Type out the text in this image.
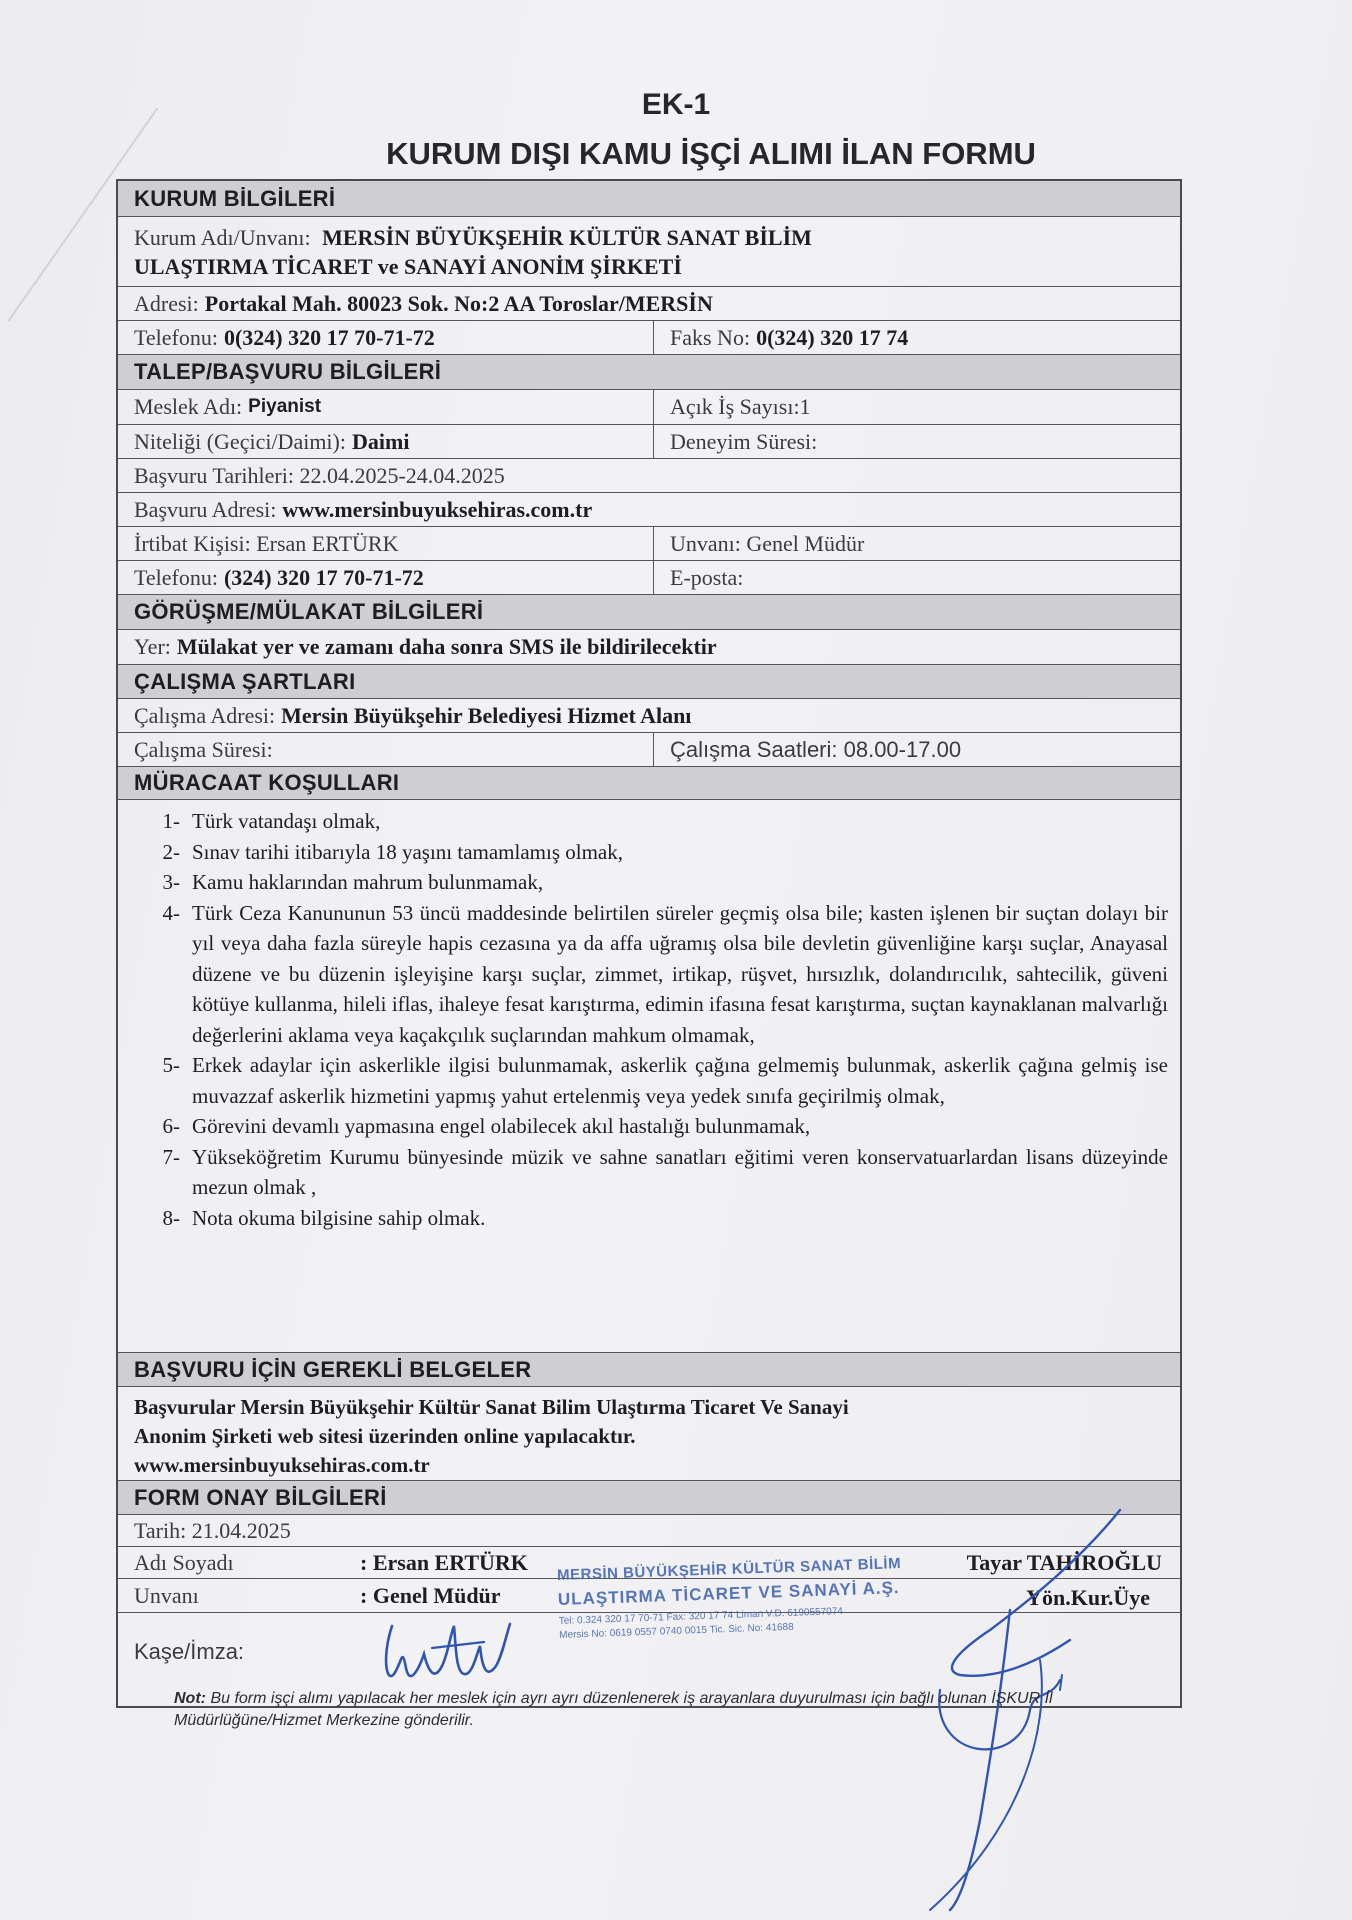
EK-1
KURUM DIŞI KAMU İŞÇİ ALIMI İLAN FORMU
KURUM BİLGİLERİ
Kurum Adı/Unvanı: MERSİN BÜYÜKŞEHİR KÜLTÜR SANAT BİLİM
ULAŞTIRMA TİCARET ve SANAYİ ANONİM ŞİRKETİ
Adresi: Portakal Mah. 80023 Sok. No:2 AA Toroslar/MERSİN
Telefonu: 0(324) 320 17 70-71-72	Faks No: 0(324) 320 17 74
TALEP/BAŞVURU BİLGİLERİ
Meslek Adı: Piyanist	Açık İş Sayısı:1
Niteliği (Geçici/Daimi): Daimi	Deneyim Süresi:
Başvuru Tarihleri: 22.04.2025-24.04.2025
Başvuru Adresi: www.mersinbuyuksehiras.com.tr
İrtibat Kişisi: Ersan ERTÜRK	Unvanı: Genel Müdür
Telefonu: (324) 320 17 70-71-72	E-posta:
GÖRÜŞME/MÜLAKAT BİLGİLERİ
Yer: Mülakat yer ve zamanı daha sonra SMS ile bildirilecektir
ÇALIŞMA ŞARTLARI
Çalışma Adresi: Mersin Büyükşehir Belediyesi Hizmet Alanı
Çalışma Süresi:	Çalışma Saatleri: 08.00-17.00
MÜRACAAT KOŞULLARI
1- Türk vatandaşı olmak,
2- Sınav tarihi itibarıyla 18 yaşını tamamlamış olmak,
3- Kamu haklarından mahrum bulunmamak,
4- Türk Ceza Kanununun 53 üncü maddesinde belirtilen süreler geçmiş olsa bile; kasten işlenen bir suçtan dolayı bir yıl veya daha fazla süreyle hapis cezasına ya da affa uğramış olsa bile devletin güvenliğine karşı suçlar, Anayasal düzene ve bu düzenin işleyişine karşı suçlar, zimmet, irtikap, rüşvet, hırsızlık, dolandırıcılık, sahtecilik, güveni kötüye kullanma, hileli iflas, ihaleye fesat karıştırma, edimin ifasına fesat karıştırma, suçtan kaynaklanan malvarlığı değerlerini aklama veya kaçakçılık suçlarından mahkum olmamak,
5- Erkek adaylar için askerlikle ilgisi bulunmamak, askerlik çağına gelmemiş bulunmak, askerlik çağına gelmiş ise muvazzaf askerlik hizmetini yapmış yahut ertelenmiş veya yedek sınıfa geçirilmiş olmak,
6- Görevini devamlı yapmasına engel olabilecek akıl hastalığı bulunmamak,
7- Yükseköğretim Kurumu bünyesinde müzik ve sahne sanatları eğitimi veren konservatuarlardan lisans düzeyinde mezun olmak ,
8- Nota okuma bilgisine sahip olmak.
BAŞVURU İÇİN GEREKLİ BELGELER
Başvurular Mersin Büyükşehir Kültür Sanat Bilim Ulaştırma Ticaret Ve Sanayi
Anonim Şirketi web sitesi üzerinden online yapılacaktır.
www.mersinbuyuksehiras.com.tr
FORM ONAY BİLGİLERİ
Tarih: 21.04.2025
Adı Soyadı	: Ersan ERTÜRK	Tayar TAHİROĞLU
Unvanı	: Genel Müdür	Yön.Kur.Üye
Kaşe/İmza:
MERSİN BÜYÜKŞEHİR KÜLTÜR SANAT BİLİM
ULAŞTIRMA TİCARET VE SANAYİ A.Ş.
Tel: 0.324 320 17 70-71 Fax: 320 17 74 Liman V.D. 6190557074
Mersis No: 0619 0557 0740 0015 Tic. Sic. No: 41688
Not: Bu form işçi alımı yapılacak her meslek için ayrı ayrı düzenlenerek iş arayanlara duyurulması için bağlı olunan İŞKUR İl Müdürlüğüne/Hizmet Merkezine gönderilir.
